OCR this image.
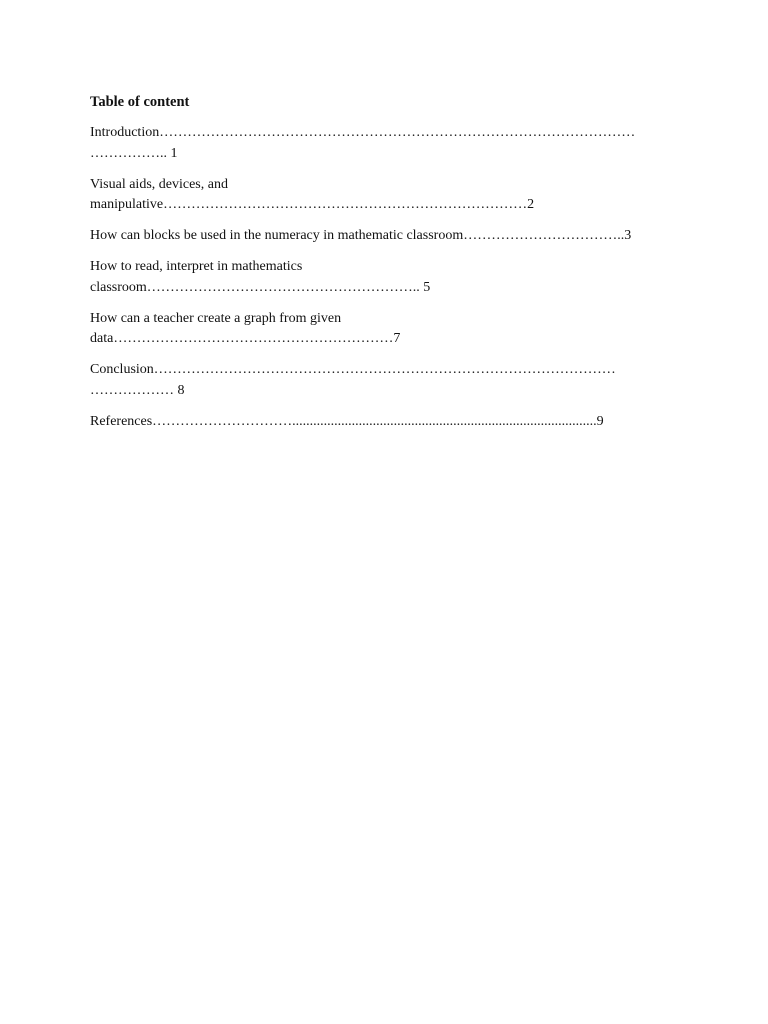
Table of content
Introduction…………………………………………………………………………………………
…………….. 1
Visual aids, devices, and
manipulative……………………………………………………………………2
How can blocks be used in the numeracy in mathematic classroom……………………………..3
How to read, interpret in mathematics
classroom………………………………………………….. 5
How can a teacher create a graph from given
data……………………………………………………7
Conclusion………………………………………………………………………………………
……………… 8
References………………………….......................................................................................9
